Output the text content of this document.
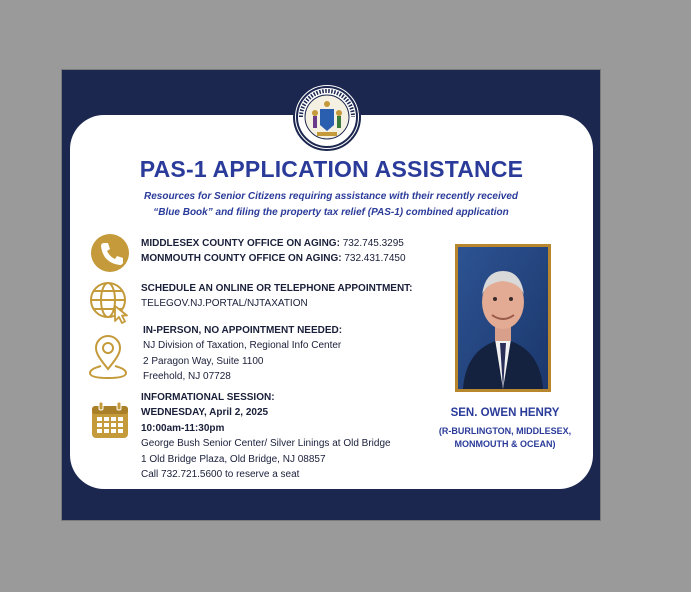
PAS-1 APPLICATION ASSISTANCE
Resources for Senior Citizens requiring assistance with their recently received
“Blue Book” and filing the property tax relief (PAS-1) combined application
MIDDLESEX COUNTY OFFICE ON AGING: 732.745.3295
MONMOUTH COUNTY OFFICE ON AGING: 732.431.7450
SCHEDULE AN ONLINE OR TELEPHONE APPOINTMENT:
TELEGOV.NJ.PORTAL/NJTAXATION
IN-PERSON, NO APPOINTMENT NEEDED:
NJ Division of Taxation, Regional Info Center
2 Paragon Way, Suite 1100
Freehold, NJ 07728
INFORMATIONAL SESSION:
WEDNESDAY, April 2, 2025
10:00am-11:30pm
George Bush Senior Center/ Silver Linings at Old Bridge
1 Old Bridge Plaza, Old Bridge, NJ 08857
Call 732.721.5600 to reserve a seat
SEN. OWEN HENRY
(R-BURLINGTON, MIDDLESEX,
MONMOUTH & OCEAN)
